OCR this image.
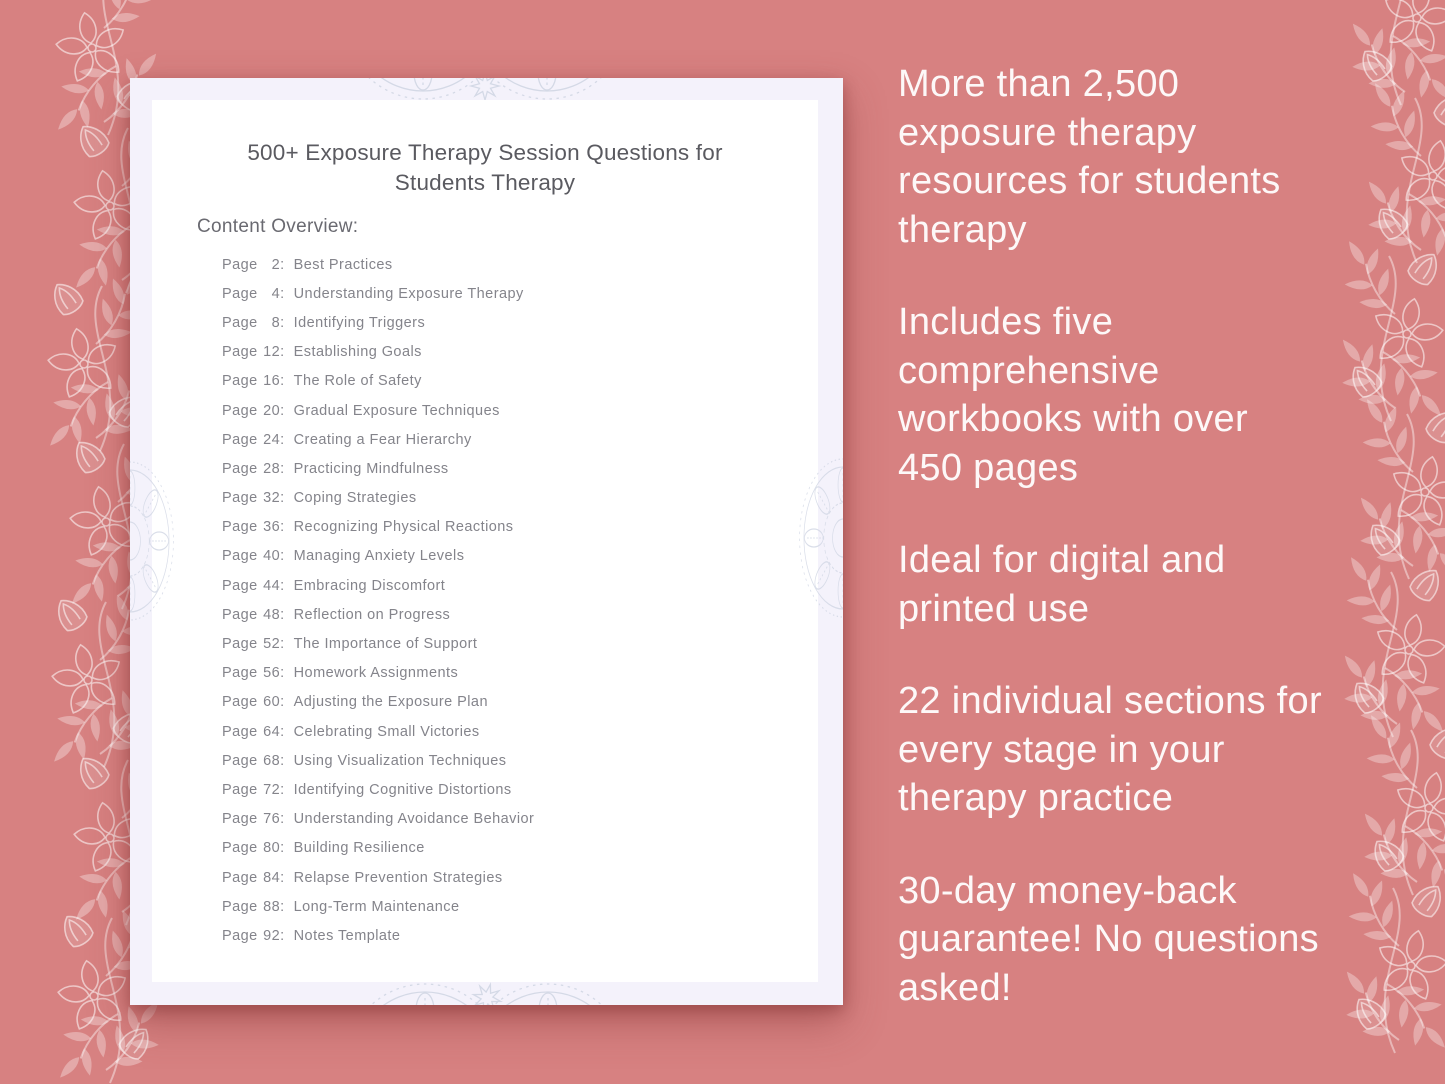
500+ Exposure Therapy Session Questions for Students Therapy
Content Overview:
Page 2 : Best Practices
Page 4 : Understanding Exposure Therapy
Page 8 : Identifying Triggers
Page 12 : Establishing Goals
Page 16 : The Role of Safety
Page 20 : Gradual Exposure Techniques
Page 24 : Creating a Fear Hierarchy
Page 28 : Practicing Mindfulness
Page 32 : Coping Strategies
Page 36 : Recognizing Physical Reactions
Page 40 : Managing Anxiety Levels
Page 44 : Embracing Discomfort
Page 48 : Reflection on Progress
Page 52 : The Importance of Support
Page 56 : Homework Assignments
Page 60 : Adjusting the Exposure Plan
Page 64 : Celebrating Small Victories
Page 68 : Using Visualization Techniques
Page 72 : Identifying Cognitive Distortions
Page 76 : Understanding Avoidance Behavior
Page 80 : Building Resilience
Page 84 : Relapse Prevention Strategies
Page 88 : Long-Term Maintenance
Page 92 : Notes Template

More than 2,500 exposure therapy resources for students therapy

Includes five comprehensive workbooks with over 450 pages

Ideal for digital and printed use

22 individual sections for every stage in your therapy practice

30-day money-back guarantee! No questions asked!
